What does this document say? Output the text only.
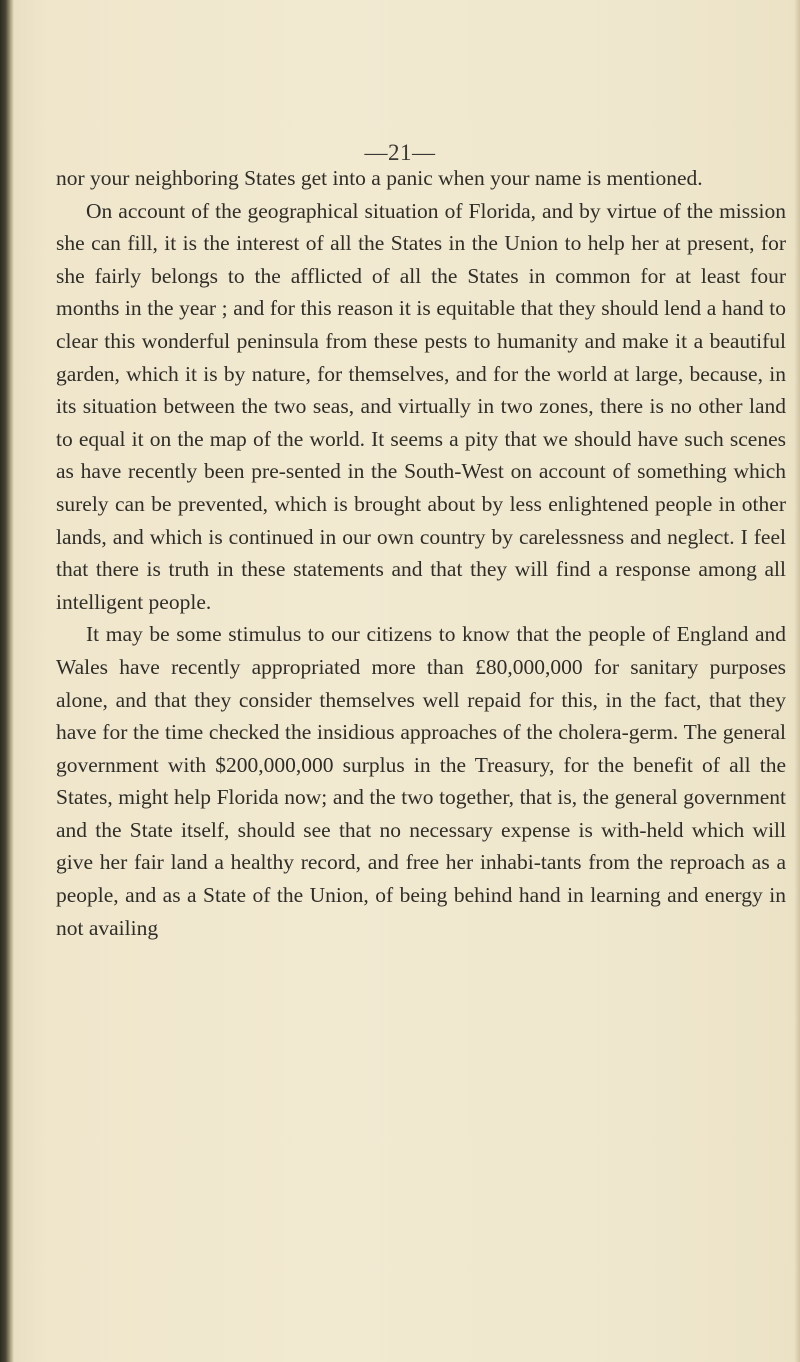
—21—

nor your neighboring States get into a panic when your name is mentioned.

On account of the geographical situation of Florida, and by virtue of the mission she can fill, it is the interest of all the States in the Union to help her at present, for she fairly belongs to the afflicted of all the States in common for at least four months in the year ; and for this reason it is equitable that they should lend a hand to clear this wonderful peninsula from these pests to humanity and make it a beautiful garden, which it is by nature, for themselves, and for the world at large, because, in its situation between the two seas, and virtually in two zones, there is no other land to equal it on the map of the world. It seems a pity that we should have such scenes as have recently been pre-sented in the South-West on account of something which surely can be prevented, which is brought about by less enlightened people in other lands, and which is continued in our own country by carelessness and neglect. I feel that there is truth in these statements and that they will find a response among all intelligent people.

It may be some stimulus to our citizens to know that the people of England and Wales have recently appropriated more than £80,000,000 for sanitary purposes alone, and that they consider themselves well repaid for this, in the fact, that they have for the time checked the insidious approaches of the cholera-germ. The general government with $200,000,000 surplus in the Treasury, for the benefit of all the States, might help Florida now; and the two together, that is, the general government and the State itself, should see that no necessary expense is with-held which will give her fair land a healthy record, and free her inhabi-tants from the reproach as a people, and as a State of the Union, of being behind hand in learning and energy in not availing
